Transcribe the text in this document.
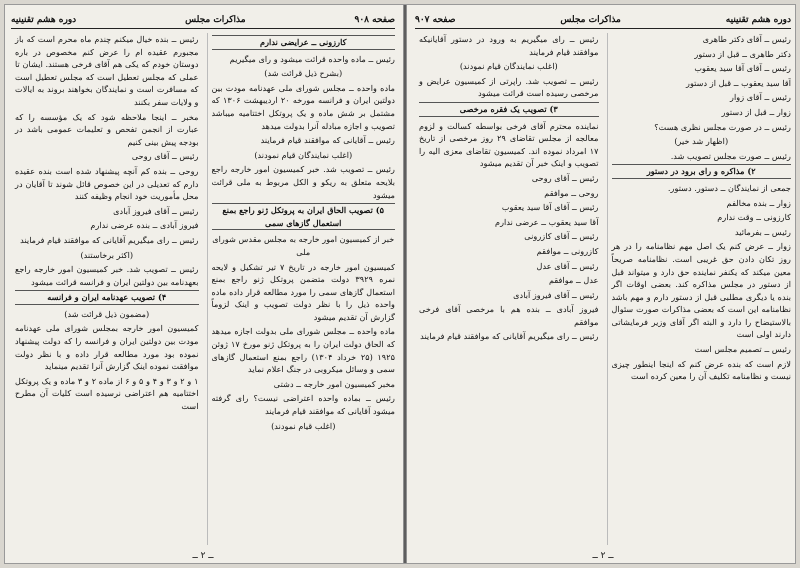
صفحه ۹۰۸
مذاکرات مجلس
دوره هشم تقنینیه

کارزونی ــ عرایضی ندارم

رئیس ــ ماده واحده قرائت میشود و رای میگیریم

(بشرح ذیل قرائت شد)

ماده واحده ــ مجلس شورای ملی عهدنامه مودت بین دولتین ایران و فرانسه مورخه ۲۰ اردیبهشت ۱۳۰۶ که مشتمل بر شش ماده و یک پروتکل اختتامیه میباشد تصویب و اجازه مبادله آنرا بدولت میدهد

رئیس ــ آقایانی که موافقند قیام فرمایند

(اغلب نمایندگان قیام نمودند)

رئیس ــ تصویب شد. خبر کمیسیون امور خارجه راجع بلایحه متعلق به ریکو و الکل مربوط به ملی قرائت میشود

۵) تصویب الحاق ایران به پروتکل ژنو راجع بمنع استعمال گازهای سمی

خبر از کمیسیون امور خارجه به مجلس مقدس شورای ملی

کمیسیون امور خارجه در تاریخ ۷ تیر تشکیل و لایحه نمره ۳۹۲۹ دولت متضمن پروتکل ژنو راجع بمنع استعمال گازهای سمی را مورد مطالعه قرار داده ماده واحده ذیل را با نظر دولت تصویب و اینک لزوماً گزارش آن تقدیم میشود

ماده واحده ــ مجلس شورای ملی بدولت اجازه میدهد که الحاق دولت ایران را به پروتکل ژنو مورخ ۱۷ ژوئن ۱۹۲۵ (۲۵ خرداد ۱۳۰۴) راجع بمنع استعمال گازهای سمی و وسائل میکروبی در جنگ اعلام نماید

مخبر کمیسیون امور خارجه ــ دشتی

رئیس ــ بماده واحده اعتراضی نیست؟ رای گرفته میشود آقایانی که موافقند قیام فرمایند

(اغلب قیام نمودند)

رئیس ــ بنده خیال میکنم چندم ماه محرم است که باز مجبورم عقیده ام را عرض کنم مخصوص در باره دوستان خودم که یکی هم آقای فرخی هستند. ایشان تا عملی که مجلس تعطیل است که مجلس تعطیل است که مسافرت است و نمایندگان بخواهند بروند به ایالات و ولایات سفر بکنند

مخبر ــ اینجا ملاحظه شود که یک مؤسسه را که عبارت از انجمن تفحص و تعلیمات عمومی باشد در بودجه پیش بینی کنیم

رئیس ــ آقای روحی

روحی ــ بنده کم آنچه پیشنهاد شده است بنده عقیده دارم که تعدیلی در این خصوص قائل شوند تا آقایان در محل مأموریت خود انجام وظیفه کنند

رئیس ــ آقای فیروز آبادی

فیروز آبادی ــ بنده عرضی ندارم

رئیس ــ رای میگیریم آقایانی که موافقند قیام فرمایند

(اکثر برخاستند)

رئیس ــ تصویب شد. خبر کمیسیون امور خارجه راجع بعهدنامه بین دولتین ایران و فرانسه قرائت میشود

۴) تصویب عهدنامه ایران و فرانسه

(مضمون ذیل قرائت شد)

کمیسیون امور خارجه بمجلس شورای ملی عهدنامه مودت بین دولتین ایران و فرانسه را که دولت پیشنهاد نموده بود مورد مطالعه قرار داده و با نظر دولت موافقت نموده اینک گزارش آنرا تقدیم مینماید

۱ و ۲ و ۳ و ۴ و ۵ و ۶ از ماده ۲ و ۳ ماده و یک پروتکل اختتامیه هم اعتراضی نرسیده است کلیات آن مطرح است

ــ ۲ ــ
دوره هشم تقنینیه
مذاکرات مجلس
صفحه ۹۰۷

رئیس ــ آقای دکتر طاهری

دکتر طاهری ــ قبل از دستور

رئیس ــ آقای آقا سید یعقوب

آقا سید یعقوب ــ قبل از دستور

رئیس ــ آقای زوار

زوار ــ قبل از دستور

رئیس ــ در صورت مجلس نظری هست؟

(اظهار شد خیر)

رئیس ــ صورت مجلس تصویب شد.

۲) مذاکره و رای برود در دستور

جمعی از نمایندگان ــ دستور. دستور.

زوار ــ بنده مخالفم

کارزونی ــ وقت ندارم

رئیس ــ بفرمائید

زوار ــ عرض کنم یک اصل مهم نظامنامه را در هر روز تکان دادن حق غریبی است. نظامنامه صریحاً معین میکند که یکنفر نماینده حق دارد و میتواند قبل از دستور در مجلس مذاکره کند. بعضی اوقات اگر بنده یا دیگری مطلبی قبل از دستور دارم و مهم باشد نظامنامه این است که بعضی مذاکرات صورت سئوال بالاستیضاح را دارد و البته اگر آقای وزیر فرمایشاتی دارند اولی است

رئیس ــ تصمیم مجلس است

لازم است که بنده عرض کنم که اینجا اینطور چیزی نیست و نظامنامه تکلیف آن را معین کرده است

رئیس ــ رای میگیریم به ورود در دستور آقایانیکه موافقند قیام فرمایند

(اغلب نمایندگان قیام نمودند)

رئیس ــ تصویب شد. راپرتی از کمیسیون عرایض و مرخصی رسیده است قرائت میشود

۳) تصویب یک فقره مرخصی

نماینده محترم آقای فرخی بواسطه کسالت و لزوم معالجه از مجلس تقاضای ۲۹ روز مرخصی از تاریخ ۱۷ امرداد نموده اند. کمیسیون تقاضای معزی الیه را تصویب و اینک خبر آن تقدیم میشود

رئیس ــ آقای روحی

روحی ــ موافقم

رئیس ــ آقای آقا سید یعقوب

آقا سید یعقوب ــ عرضی ندارم

رئیس ــ آقای کازرونی

کازرونی ــ موافقم

رئیس ــ آقای عدل

عدل ــ موافقم

رئیس ــ آقای فیروز آبادی

فیروز آبادی ــ بنده هم با مرخصی آقای فرخی موافقم

رئیس ــ رای میگیریم آقایانی که موافقند قیام فرمایند

ــ ۲ ــ
